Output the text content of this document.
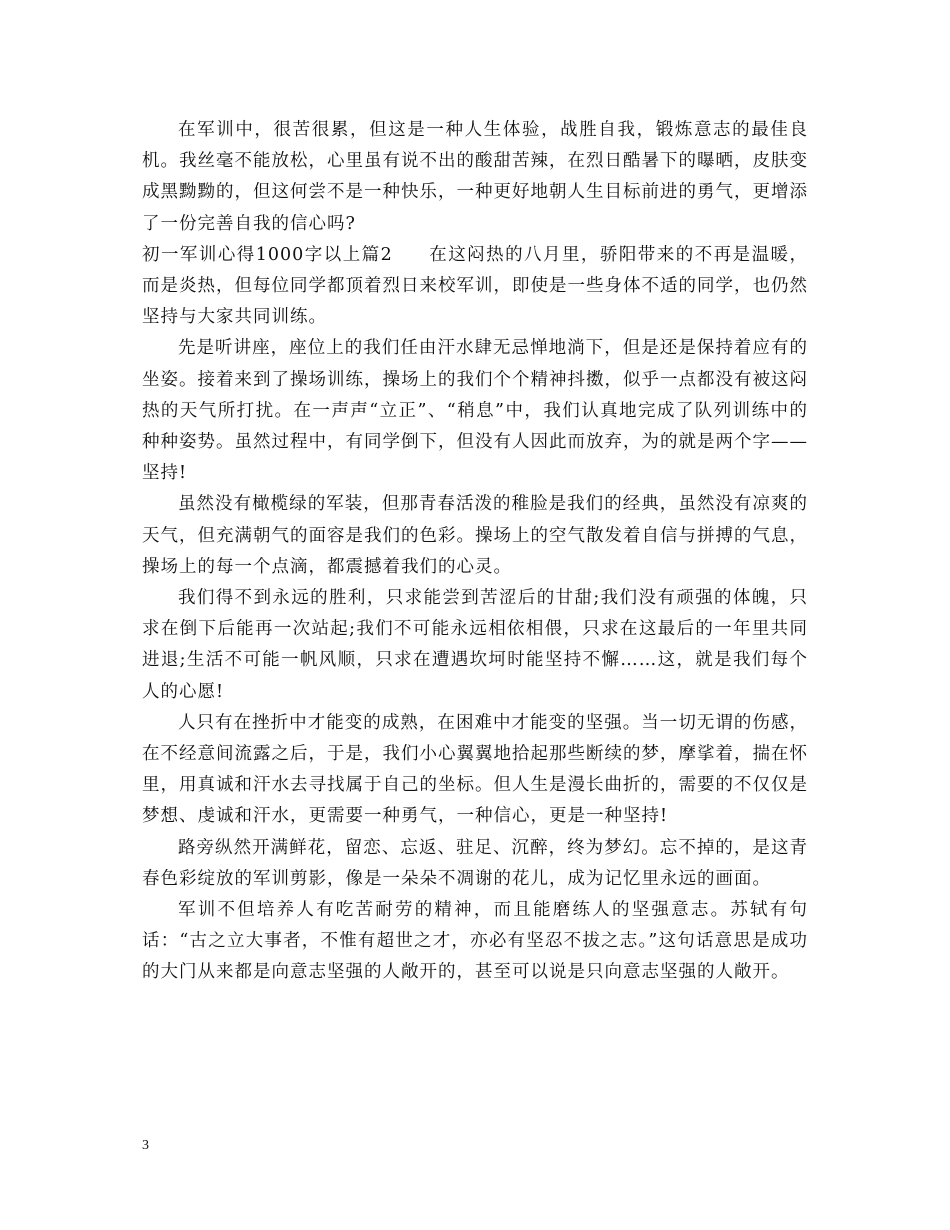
在军训中，很苦很累，但这是一种人生体验，战胜自我，锻炼意志的最佳良机。我丝毫不能放松，心里虽有说不出的酸甜苦辣，在烈日酷暑下的曝晒，皮肤变成黑黝黝的，但这何尝不是一种快乐，一种更好地朝人生目标前进的勇气，更增添了一份完善自我的信心吗?

初一军训心得1000字以上篇2 在这闷热的八月里，骄阳带来的不再是温暖，而是炎热，但每位同学都顶着烈日来校军训，即使是一些身体不适的同学，也仍然坚持与大家共同训练。

先是听讲座，座位上的我们任由汗水肆无忌惮地淌下，但是还是保持着应有的坐姿。接着来到了操场训练，操场上的我们个个精神抖擞，似乎一点都没有被这闷热的天气所打扰。在一声声“立正”、“稍息”中，我们认真地完成了队列训练中的种种姿势。虽然过程中，有同学倒下，但没有人因此而放弃，为的就是两个字——坚持!

虽然没有橄榄绿的军装，但那青春活泼的稚脸是我们的经典，虽然没有凉爽的天气，但充满朝气的面容是我们的色彩。操场上的空气散发着自信与拼搏的气息，操场上的每一个点滴，都震撼着我们的心灵。

我们得不到永远的胜利，只求能尝到苦涩后的甘甜;我们没有顽强的体魄，只求在倒下后能再一次站起;我们不可能永远相依相偎，只求在这最后的一年里共同进退;生活不可能一帆风顺，只求在遭遇坎坷时能坚持不懈……这，就是我们每个人的心愿!

人只有在挫折中才能变的成熟，在困难中才能变的坚强。当一切无谓的伤感，在不经意间流露之后，于是，我们小心翼翼地拾起那些断续的梦，摩挲着，揣在怀里，用真诚和汗水去寻找属于自己的坐标。但人生是漫长曲折的，需要的不仅仅是梦想、虔诚和汗水，更需要一种勇气，一种信心，更是一种坚持!

路旁纵然开满鲜花，留恋、忘返、驻足、沉醉，终为梦幻。忘不掉的，是这青春色彩绽放的军训剪影，像是一朵朵不凋谢的花儿，成为记忆里永远的画面。

军训不但培养人有吃苦耐劳的精神，而且能磨练人的坚强意志。苏轼有句话：“古之立大事者，不惟有超世之才，亦必有坚忍不拔之志。”这句话意思是成功的大门从来都是向意志坚强的人敞开的，甚至可以说是只向意志坚强的人敞开。

3
